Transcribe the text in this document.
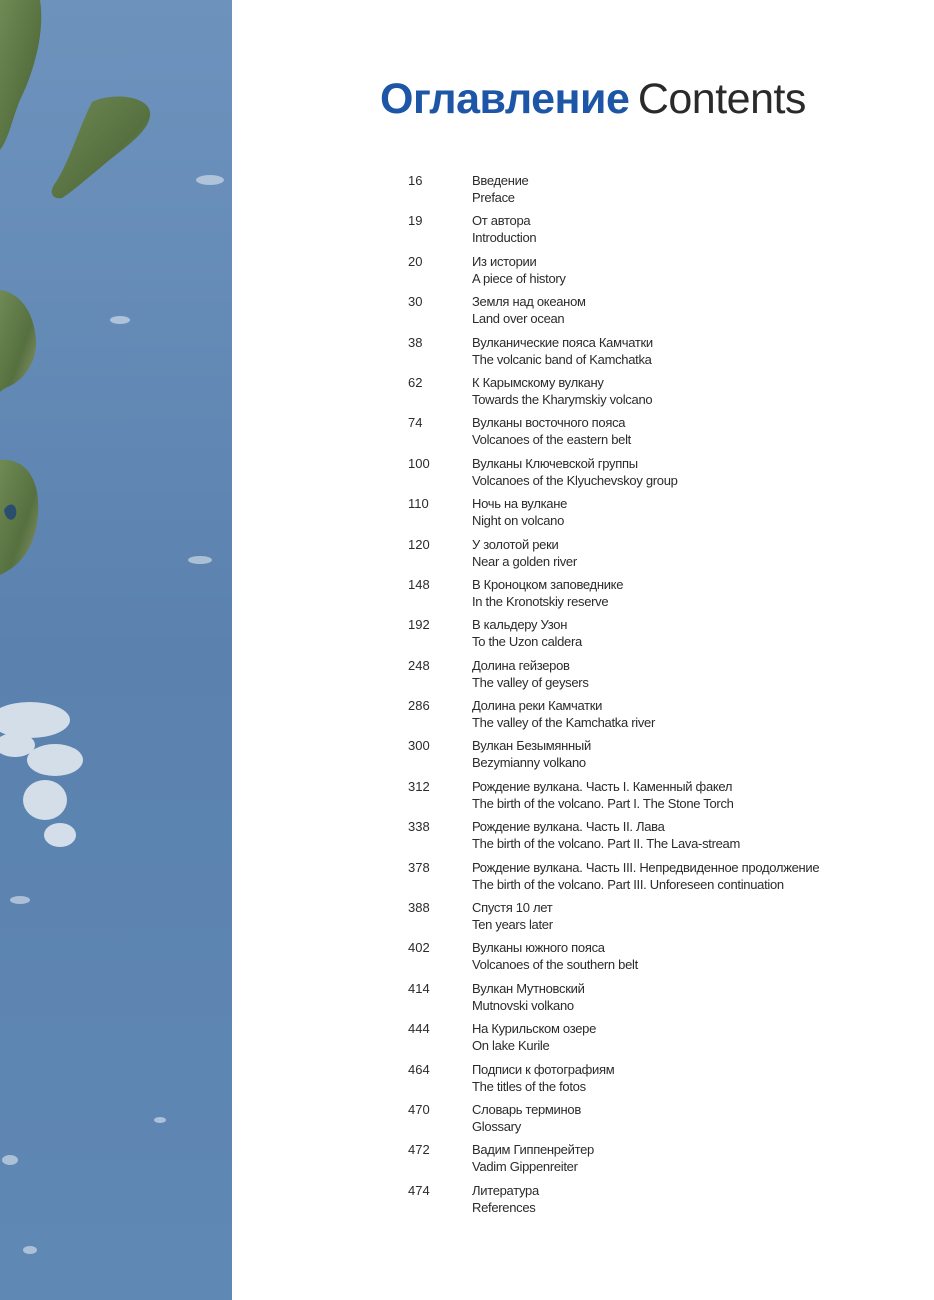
Оглавление Contents
16	Введение
Preface
19	От автора
Introduction
20	Из истории
A piece of history
30	Земля над океаном
Land over ocean
38	Вулканические пояса Камчатки
The volcanic band of Kamchatka
62	К Карымскому вулкану
Towards the Kharymskiy volcano
74	Вулканы восточного пояса
Volcanoes of the eastern belt
100	Вулканы Ключевской группы
Volcanoes of the Klyuchevskoy group
110	Ночь на вулкане
Night on volcano
120	У золотой реки
Near a golden river
148	В Кроноцком заповеднике
In the Kronotskiy reserve
192	В кальдеру Узон
To the Uzon caldera
248	Долина гейзеров
The valley of geysers
286	Долина реки Камчатки
The valley of the Kamchatka river
300	Вулкан Безымянный
Bezymianny volkano
312	Рождение вулкана. Часть I. Каменный факел
The birth of the volcano. Part I. The Stone Torch
338	Рождение вулкана. Часть II. Лава
The birth of the volcano. Part II. The Lava-stream
378	Рождение вулкана. Часть III. Непредвиденное продолжение
The birth of the volcano. Part III. Unforeseen continuation
388	Спустя 10 лет
Ten years later
402	Вулканы южного пояса
Volcanoes of the southern belt
414	Вулкан Мутновский
Mutnovski volkano
444	На Курильском озере
On lake Kurile
464	Подписи к фотографиям
The titles of the fotos
470	Словарь терминов
Glossary
472	Вадим Гиппенрейтер
Vadim Gippenreiter
474	Литература
References
